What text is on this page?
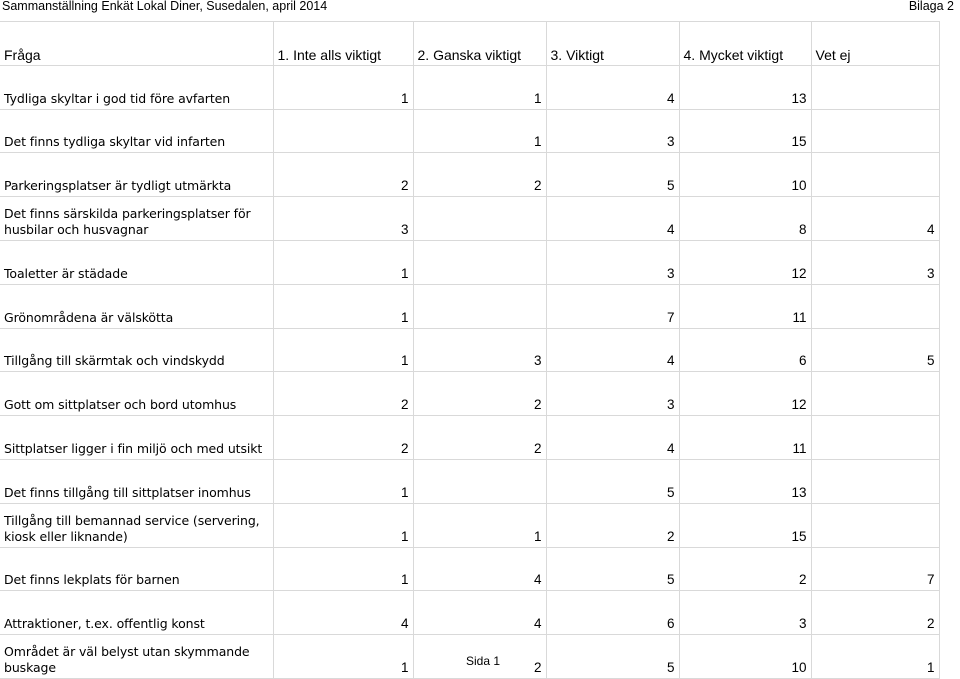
Sammanställning Enkät Lokal Diner, Susedalen, april 2014	Bilaga 2
Fråga	1. Inte alls viktigt	2. Ganska viktigt	3. Viktigt	4. Mycket viktigt	Vet ej
Tydliga skyltar i god tid före avfarten	1	1	4	13	
Det finns tydliga skyltar vid infarten		1	3	15	
Parkeringsplatser är tydligt utmärkta	2	2	5	10	
Det finns särskilda parkeringsplatser för husbilar och husvagnar	3		4	8	4
Toaletter är städade	1		3	12	3
Grönområdena är välskötta	1		7	11	
Tillgång till skärmtak och vindskydd	1	3	4	6	5
Gott om sittplatser och bord utomhus	2	2	3	12	
Sittplatser ligger i fin miljö och med utsikt	2	2	4	11	
Det finns tillgång till sittplatser inomhus	1		5	13	
Tillgång till bemannad service (servering, kiosk eller liknande)	1	1	2	15	
Det finns lekplats för barnen	1	4	5	2	7
Attraktioner, t.ex. offentlig konst	4	4	6	3	2
Området är väl belyst utan skymmande buskage	1	2	5	10	1
Sida 1
